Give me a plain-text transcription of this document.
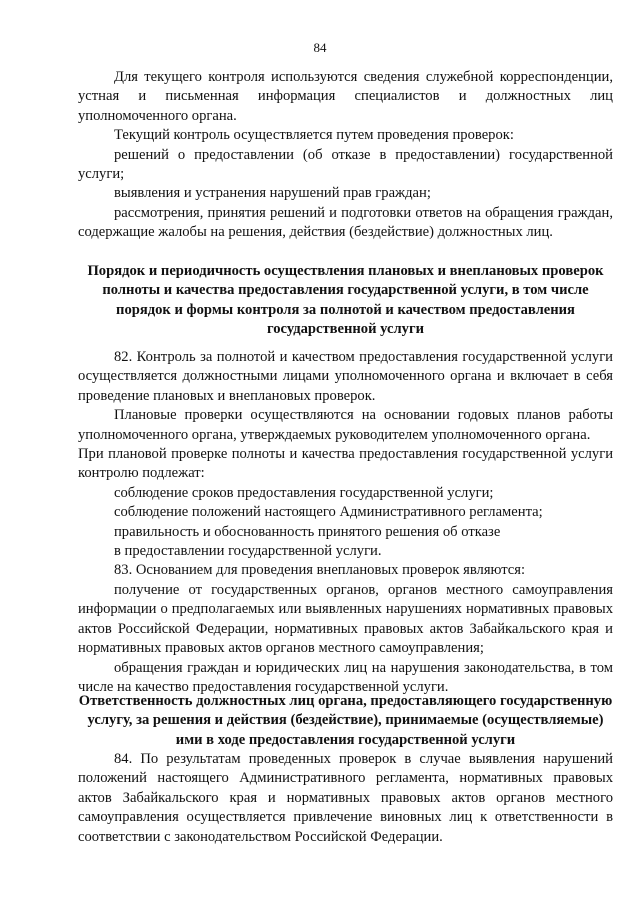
84

Для текущего контроля используются сведения служебной корреспонденции, устная и письменная информация специалистов и должностных лиц уполномоченного органа.

Текущий контроль осуществляется путем проведения проверок:

решений о предоставлении (об отказе в предоставлении) государственной услуги;

выявления и устранения нарушений прав граждан;

рассмотрения, принятия решений и подготовки ответов на обращения граждан, содержащие жалобы на решения, действия (бездействие) должностных лиц.

Порядок и периодичность осуществления плановых и внеплановых проверок полноты и качества предоставления государственной услуги, в том числе порядок и формы контроля за полнотой и качеством предоставления государственной услуги

82. Контроль за полнотой и качеством предоставления государственной услуги осуществляется должностными лицами уполномоченного органа и включает в себя проведение плановых и внеплановых проверок.

Плановые проверки осуществляются на основании годовых планов работы уполномоченного органа, утверждаемых руководителем уполномоченного органа.

При плановой проверке полноты и качества предоставления государственной услуги контролю подлежат:

соблюдение сроков предоставления государственной услуги;

соблюдение положений настоящего Административного регламента;

правильность и обоснованность принятого решения об отказе

в предоставлении государственной услуги.

83. Основанием для проведения внеплановых проверок являются:

получение от государственных органов, органов местного самоуправления информации о предполагаемых или выявленных нарушениях нормативных правовых актов Российской Федерации, нормативных правовых актов Забайкальского края и нормативных правовых актов органов местного самоуправления;

обращения граждан и юридических лиц на нарушения законодательства, в том числе на качество предоставления государственной услуги.

Ответственность должностных лиц органа, предоставляющего государственную услугу, за решения и действия (бездействие), принимаемые (осуществляемые) ими в ходе предоставления государственной услуги

84. По результатам проведенных проверок в случае выявления нарушений положений настоящего Административного регламента, нормативных правовых актов Забайкальского края и нормативных правовых актов органов местного самоуправления осуществляется привлечение виновных лиц к ответственности в соответствии с законодательством Российской Федерации.
